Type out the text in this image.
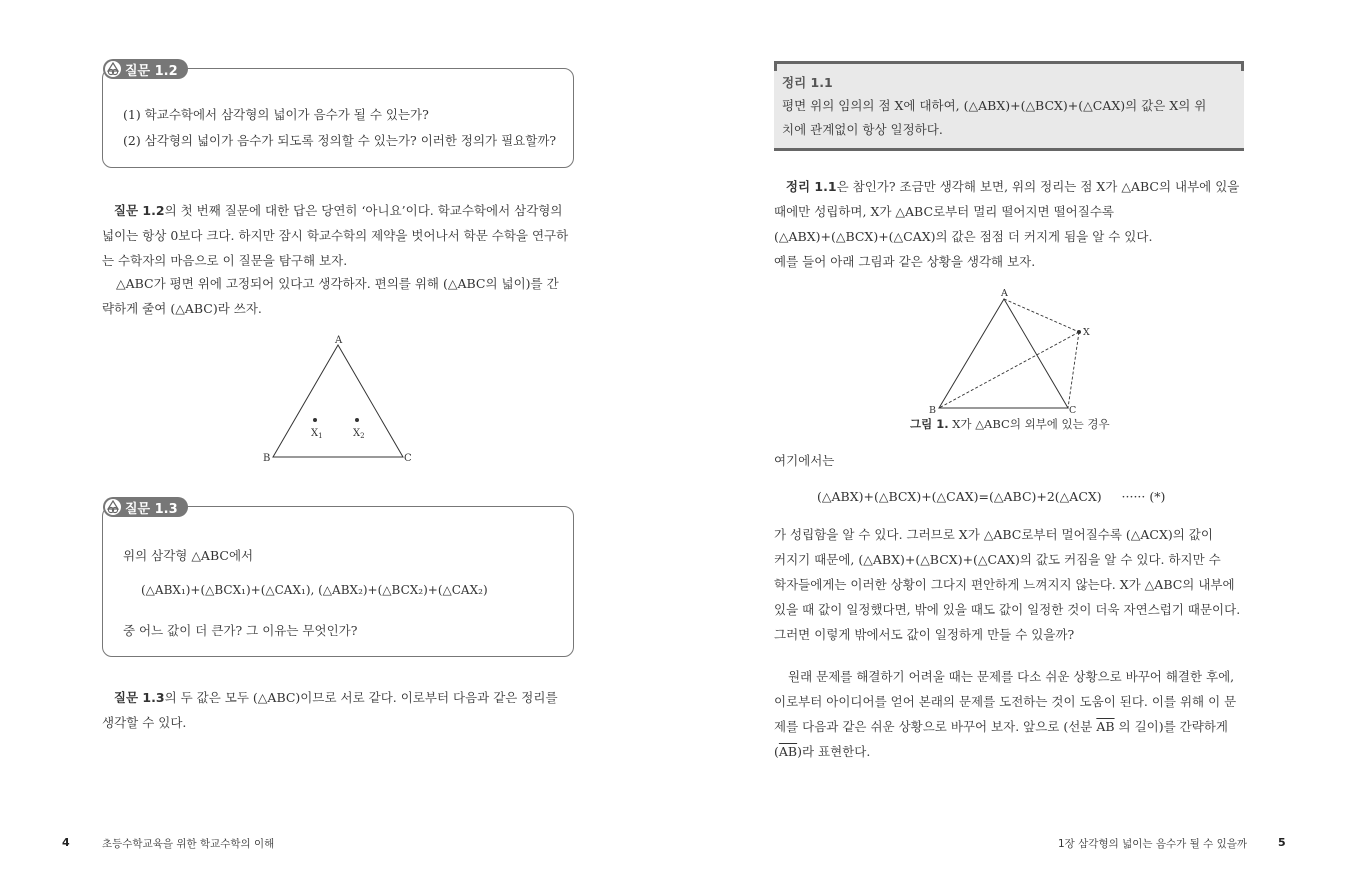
질문 1.2
(1) 학교수학에서 삼각형의 넓이가 음수가 될 수 있는가?
(2) 삼각형의 넓이가 음수가 되도록 정의할 수 있는가? 이러한 정의가 필요할까?
질문 1.2의 첫 번째 질문에 대한 답은 당연히 ‘아니요’이다. 학교수학에서 삼각형의
넓이는 항상 0보다 크다. 하지만 잠시 학교수학의 제약을 벗어나서 학문 수학을 연구하
는 수학자의 마음으로 이 질문을 탐구해 보자.
△ABC가 평면 위에 고정되어 있다고 생각하자. 편의를 위해 (△ABC의 넓이)를 간
략하게 줄여 (△ABC)라 쓰자.
A
B	C
$X_1$	$X_2$
질문 1.3
위의 삼각형 △ABC에서
(△ABX₁)+(△BCX₁)+(△CAX₁), (△ABX₂)+(△BCX₂)+(△CAX₂)
중 어느 값이 더 큰가? 그 이유는 무엇인가?
질문 1.3의 두 값은 모두 (△ABC)이므로 서로 같다. 이로부터 다음과 같은 정리를
생각할 수 있다.
4	초등수학교육을 위한 학교수학의 이해
정리 1.1
평면 위의 임의의 점 X에 대하여, (△ABX)+(△BCX)+(△CAX)의 값은 X의 위
치에 관계없이 항상 일정하다.
정리 1.1은 참인가? 조금만 생각해 보면, 위의 정리는 점 X가 △ABC의 내부에 있을
때에만 성립하며, X가 △ABC로부터 멀리 떨어지면 떨어질수록
(△ABX)+(△BCX)+(△CAX)의 값은 점점 더 커지게 됨을 알 수 있다.
예를 들어 아래 그림과 같은 상황을 생각해 보자.
A
B	C
X
그림 1. X가 △ABC의 외부에 있는 경우
여기에서는
(△ABX)+(△BCX)+(△CAX)=(△ABC)+2(△ACX)     ······ (*)
가 성립함을 알 수 있다. 그러므로 X가 △ABC로부터 멀어질수록 (△ACX)의 값이
커지기 때문에, (△ABX)+(△BCX)+(△CAX)의 값도 커짐을 알 수 있다. 하지만 수
학자들에게는 이러한 상황이 그다지 편안하게 느껴지지 않는다. X가 △ABC의 내부에
있을 때 값이 일정했다면, 밖에 있을 때도 값이 일정한 것이 더욱 자연스럽기 때문이다.
그러면 이렇게 밖에서도 값이 일정하게 만들 수 있을까?
원래 문제를 해결하기 어려울 때는 문제를 다소 쉬운 상황으로 바꾸어 해결한 후에,
이로부터 아이디어를 얻어 본래의 문제를 도전하는 것이 도움이 된다. 이를 위해 이 문
제를 다음과 같은 쉬운 상황으로 바꾸어 보자. 앞으로 (선분 $\overline{AB}$ 의 길이)를 간략하게
$(\overline{AB})$라 표현한다.
1장 삼각형의 넓이는 음수가 될 수 있을까	5
